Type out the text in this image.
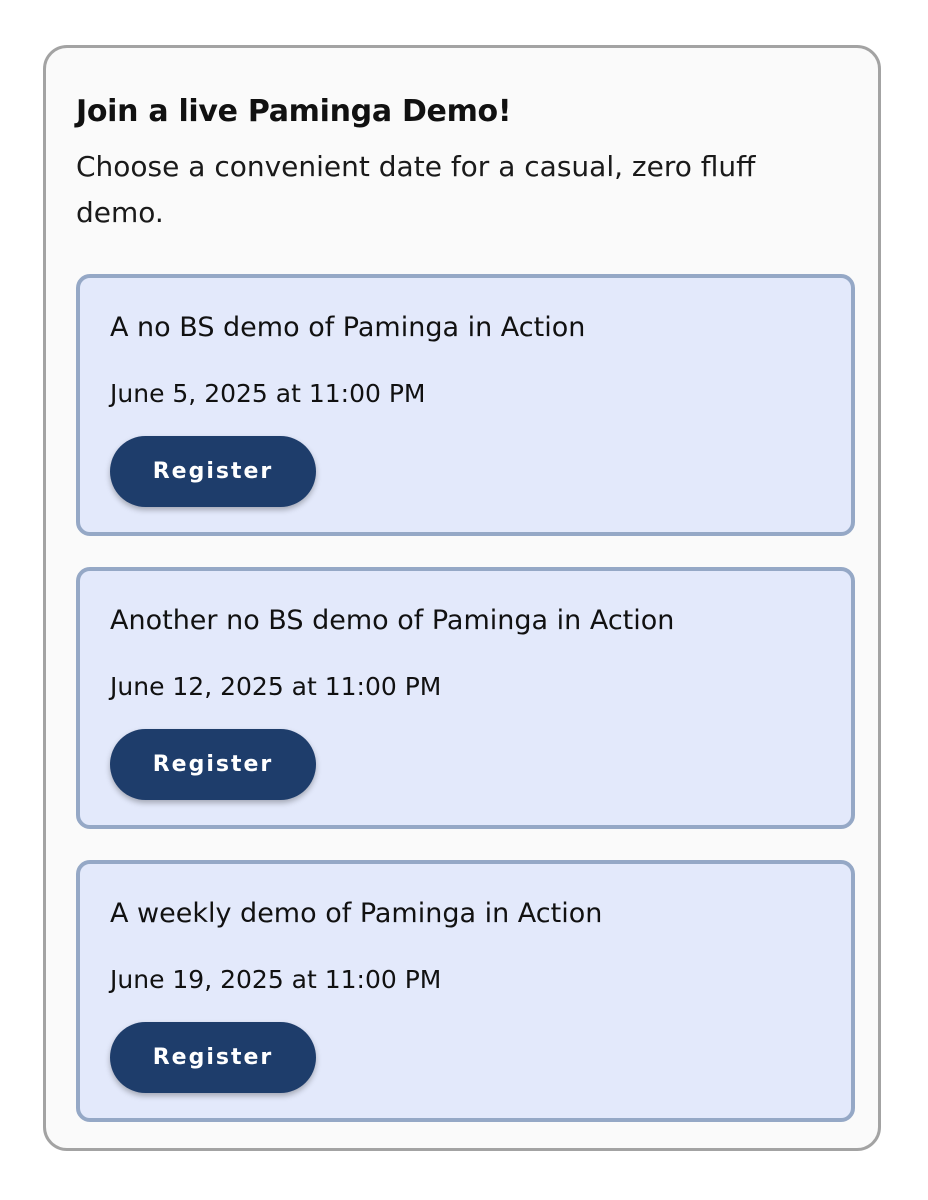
Join a live Paminga Demo!

Choose a convenient date for a casual, zero fluff demo.

A no BS demo of Paminga in Action

June 5, 2025 at 11:00 PM

Register

Another no BS demo of Paminga in Action

June 12, 2025 at 11:00 PM

Register

A weekly demo of Paminga in Action

June 19, 2025 at 11:00 PM

Register
